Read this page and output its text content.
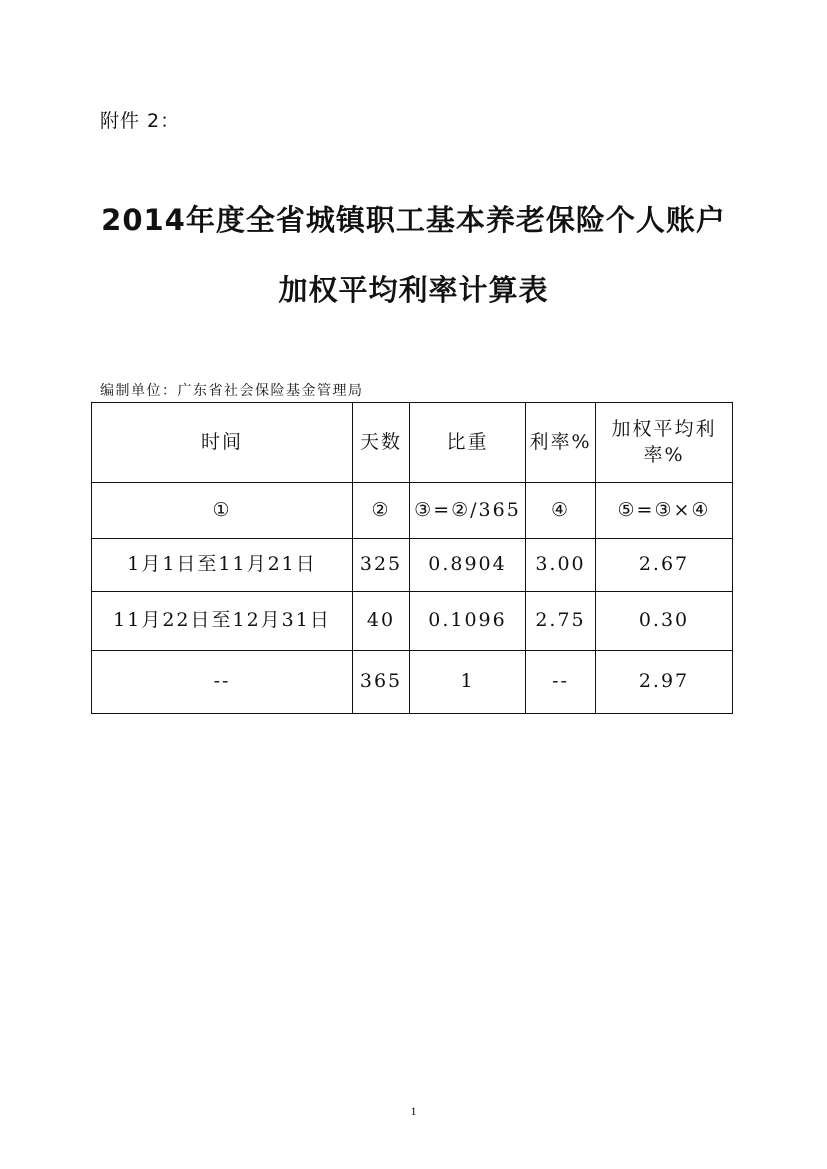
附件 2：
2014年度全省城镇职工基本养老保险个人账户
加权平均利率计算表
编制单位：广东省社会保险基金管理局
时间	天数	比重	利率%	加权平均利率%
①	②	③=②/365	④	⑤=③×④
1月1日至11月21日	325	0.8904	3.00	2.67
11月22日至12月31日	40	0.1096	2.75	0.30
--	365	1	--	2.97
1
